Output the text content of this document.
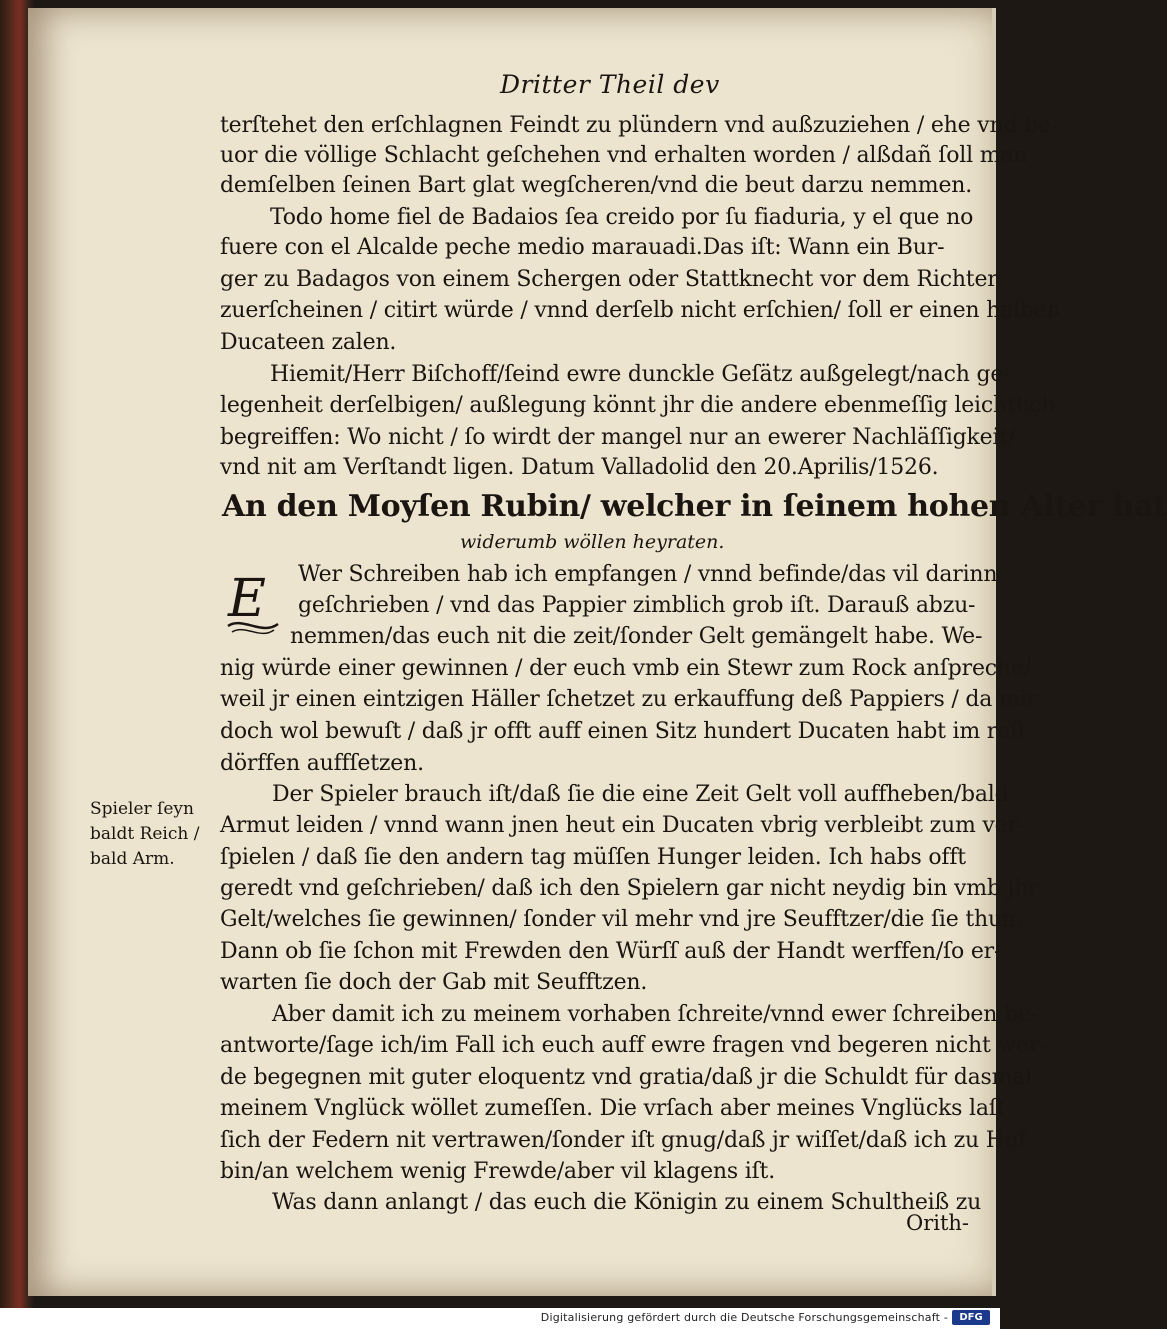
Dritter Theil dev
terſtehet den erſchlagnen Feindt zu plündern vnd außzuziehen / ehe vnd be-
uor die völlige Schlacht geſchehen vnd erhalten worden / alßdañ ſoll man
demſelben ſeinen Bart glat wegſcheren/vnd die beut darzu nemmen.
Todo home fiel de Badaios ſea creido por ſu fiaduria, y el que no
fuere con el Alcalde peche medio marauadi.Das iſt: Wann ein Bur-
ger zu Badagos von einem Schergen oder Stattknecht vor dem Richter
zuerſcheinen / citirt würde / vnnd derſelb nicht erſchien/ ſoll er einen halben
Ducateen zalen.
Hiemit/Herr Biſchoff/ſeind ewre dunckle Geſätz außgelegt/nach ge-
legenheit derſelbigen/ außlegung könnt jhr die andere ebenmeſſig leichtlich
begreiffen: Wo nicht / ſo wirdt der mangel nur an ewerer Nachläſſigkeit/
vnd nit am Verſtandt ligen. Datum Valladolid den 20.Aprilis/1526.
An den Moyſen Rubin/ welcher in ſeinem hohen Alter hat
widerumb wöllen heyraten.
E Wer Schreiben hab ich empfangen / vnnd befinde/das vil darinn
geſchrieben / vnd das Pappier zimblich grob iſt. Darauß abzu-
nemmen/das euch nit die zeit/ſonder Gelt gemängelt habe. We-
nig würde einer gewinnen / der euch vmb ein Stewr zum Rock anſpreche/
weil jr einen eintzigen Häller ſchetzet zu erkauffung deß Pappiers / da mir
doch wol bewuſt / daß jr offt auff einen Sitz hundert Ducaten habt im reſt
dörffen auffſetzen.
Der Spieler brauch iſt/daß ſie die eine Zeit Gelt voll auffheben/bald
Armut leiden / vnnd wann jnen heut ein Ducaten vbrig verbleibt zum ver-
ſpielen / daß ſie den andern tag müſſen Hunger leiden. Ich habs offt
geredt vnd geſchrieben/ daß ich den Spielern gar nicht neydig bin vmb jhr
Gelt/welches ſie gewinnen/ ſonder vil mehr vnd jre Seufftzer/die ſie thun.
Dann ob ſie ſchon mit Frewden den Würſſ auß der Handt werffen/ſo er-
warten ſie doch der Gab mit Seufftzen.
Aber damit ich zu meinem vorhaben ſchreite/vnnd ewer ſchreiben be-
antworte/ſage ich/im Fall ich euch auff ewre fragen vnd begeren nicht wer-
de begegnen mit guter eloquentz vnd gratia/daß jr die Schuldt für dasmal
meinem Vnglück wöllet zumeſſen. Die vrſach aber meines Vnglücks laſt
ſich der Federn nit vertrawen/ſonder iſt gnug/daß jr wiſſet/daß ich zu Hof
bin/an welchem wenig Frewde/aber vil klagens iſt.
Was dann anlangt / das euch die Königin zu einem Schultheiß zu
Spieler ſeyn
baldt Reich /
bald Arm.
Orith-
Digitalisierung gefördert durch die Deutsche Forschungsgemeinschaft -	DFG
